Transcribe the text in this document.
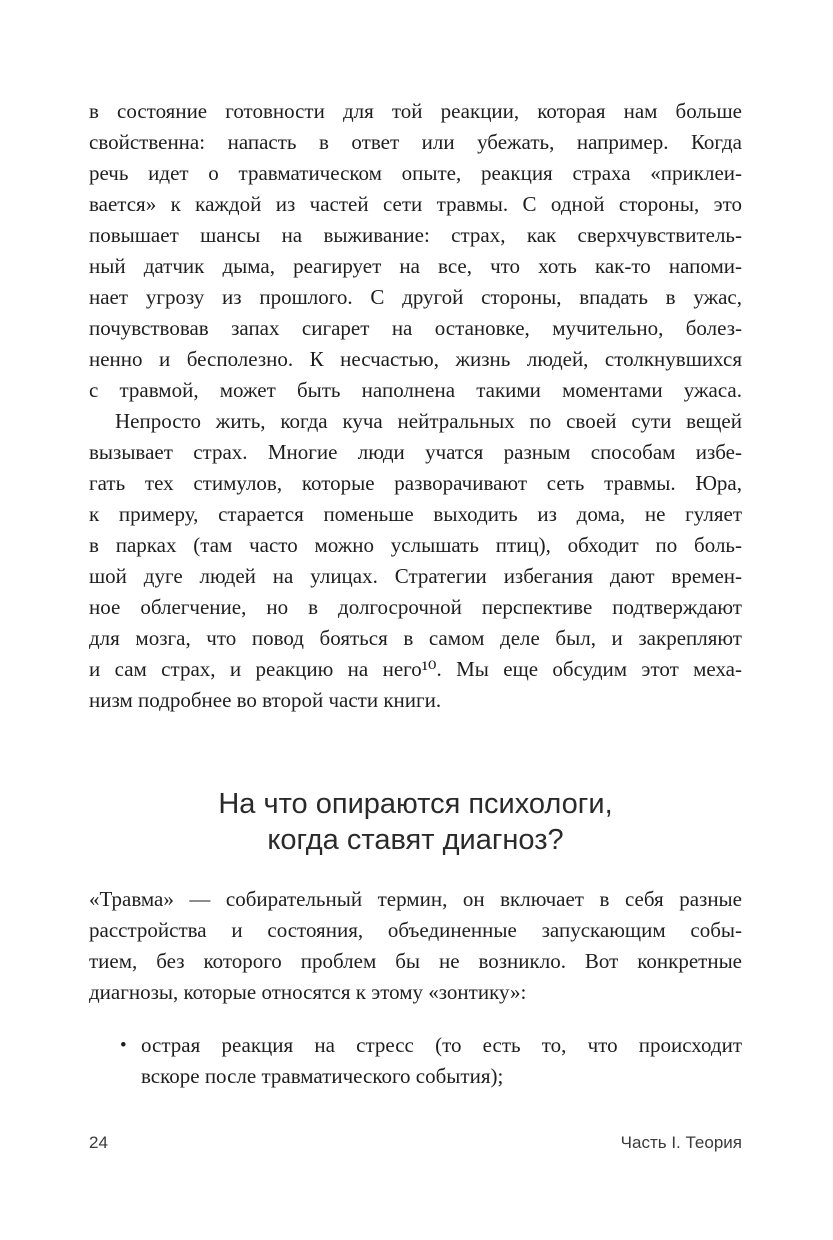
в состояние готовности для той реакции, которая нам больше
свойственна: напасть в ответ или убежать, например. Когда
речь идет о травматическом опыте, реакция страха «приклеи-
вается» к каждой из частей сети травмы. С одной стороны, это
повышает шансы на выживание: страх, как сверхчувствитель-
ный датчик дыма, реагирует на все, что хоть как-то напоми-
нает угрозу из прошлого. С другой стороны, впадать в ужас,
почувствовав запах сигарет на остановке, мучительно, болез-
ненно и бесполезно. К несчастью, жизнь людей, столкнувшихся
с травмой, может быть наполнена такими моментами ужаса.
Непросто жить, когда куча нейтральных по своей сути вещей
вызывает страх. Многие люди учатся разным способам избе-
гать тех стимулов, которые разворачивают сеть травмы. Юра,
к примеру, старается поменьше выходить из дома, не гуляет
в парках (там часто можно услышать птиц), обходит по боль-
шой дуге людей на улицах. Стратегии избегания дают времен-
ное облегчение, но в долгосрочной перспективе подтверждают
для мозга, что повод бояться в самом деле был, и закрепляют
и сам страх, и реакцию на него¹⁰. Мы еще обсудим этот меха-
низм подробнее во второй части книги.
На что опираются психологи,
когда ставят диагноз?
«Травма» — собирательный термин, он включает в себя разные
расстройства и состояния, объединенные запускающим собы-
тием, без которого проблем бы не возникло. Вот конкретные
диагнозы, которые относятся к этому «зонтику»:
• острая реакция на стресс (то есть то, что происходит
вскоре после травматического события);
24	Часть I. Теория
